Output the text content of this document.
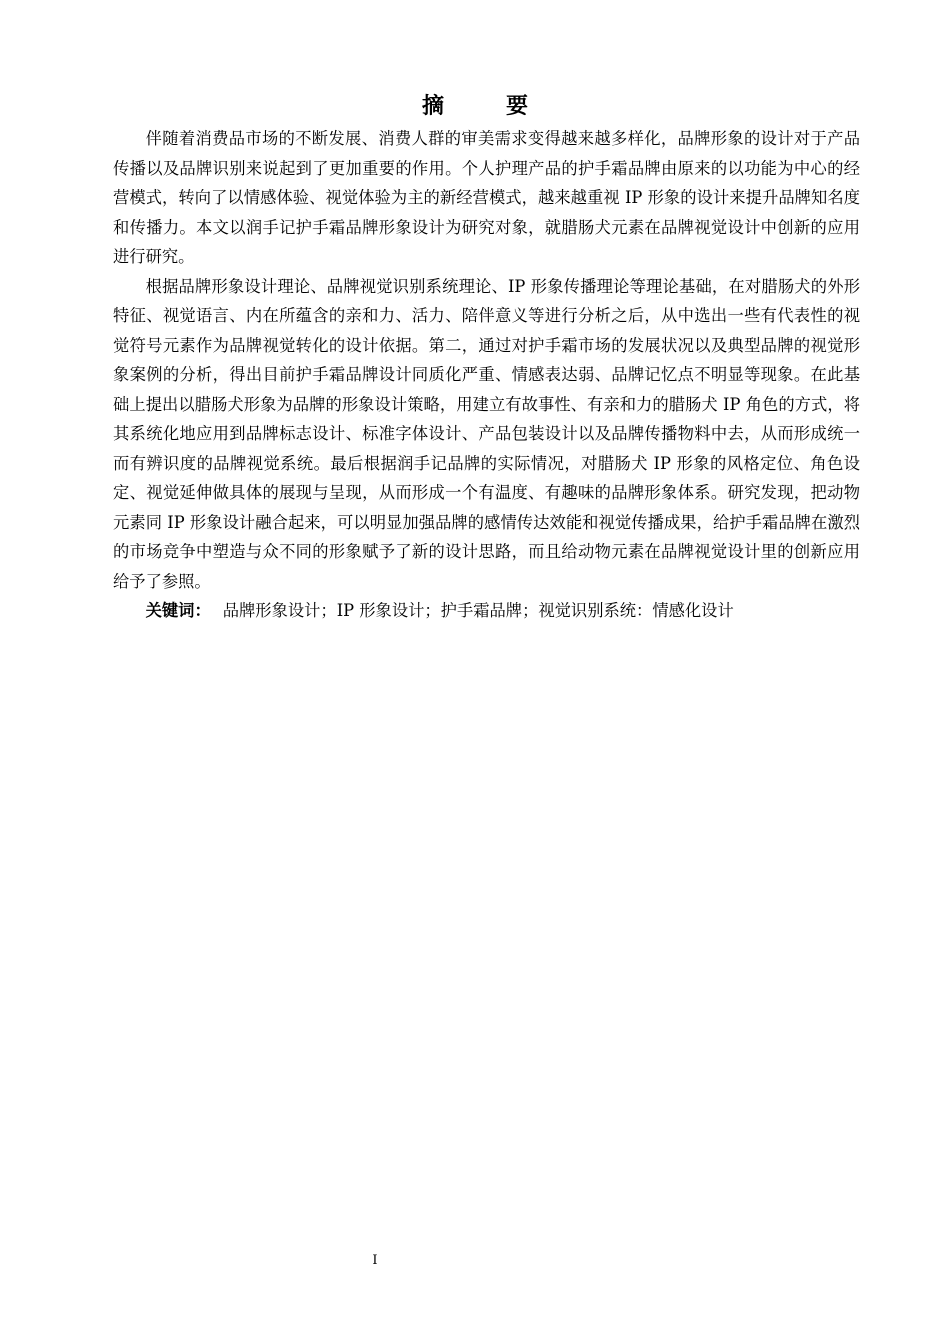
摘　要

伴随着消费品市场的不断发展、消费人群的审美需求变得越来越多样化，品牌形象的设计对于产品传播以及品牌识别来说起到了更加重要的作用。个人护理产品的护手霜品牌由原来的以功能为中心的经营模式，转向了以情感体验、视觉体验为主的新经营模式，越来越重视 IP 形象的设计来提升品牌知名度和传播力。本文以润手记护手霜品牌形象设计为研究对象，就腊肠犬元素在品牌视觉设计中创新的应用进行研究。

根据品牌形象设计理论、品牌视觉识别系统理论、IP 形象传播理论等理论基础，在对腊肠犬的外形特征、视觉语言、内在所蕴含的亲和力、活力、陪伴意义等进行分析之后，从中选出一些有代表性的视觉符号元素作为品牌视觉转化的设计依据。第二，通过对护手霜市场的发展状况以及典型品牌的视觉形象案例的分析，得出目前护手霜品牌设计同质化严重、情感表达弱、品牌记忆点不明显等现象。在此基础上提出以腊肠犬形象为品牌的形象设计策略，用建立有故事性、有亲和力的腊肠犬 IP 角色的方式，将其系统化地应用到品牌标志设计、标准字体设计、产品包装设计以及品牌传播物料中去，从而形成统一而有辨识度的品牌视觉系统。最后根据润手记品牌的实际情况，对腊肠犬 IP 形象的风格定位、角色设定、视觉延伸做具体的展现与呈现，从而形成一个有温度、有趣味的品牌形象体系。研究发现，把动物元素同 IP 形象设计融合起来，可以明显加强品牌的感情传达效能和视觉传播成果，给护手霜品牌在激烈的市场竞争中塑造与众不同的形象赋予了新的设计思路，而且给动物元素在品牌视觉设计里的创新应用给予了参照。

关键词： 品牌形象设计；IP 形象设计；护手霜品牌；视觉识别系统：情感化设计

I
